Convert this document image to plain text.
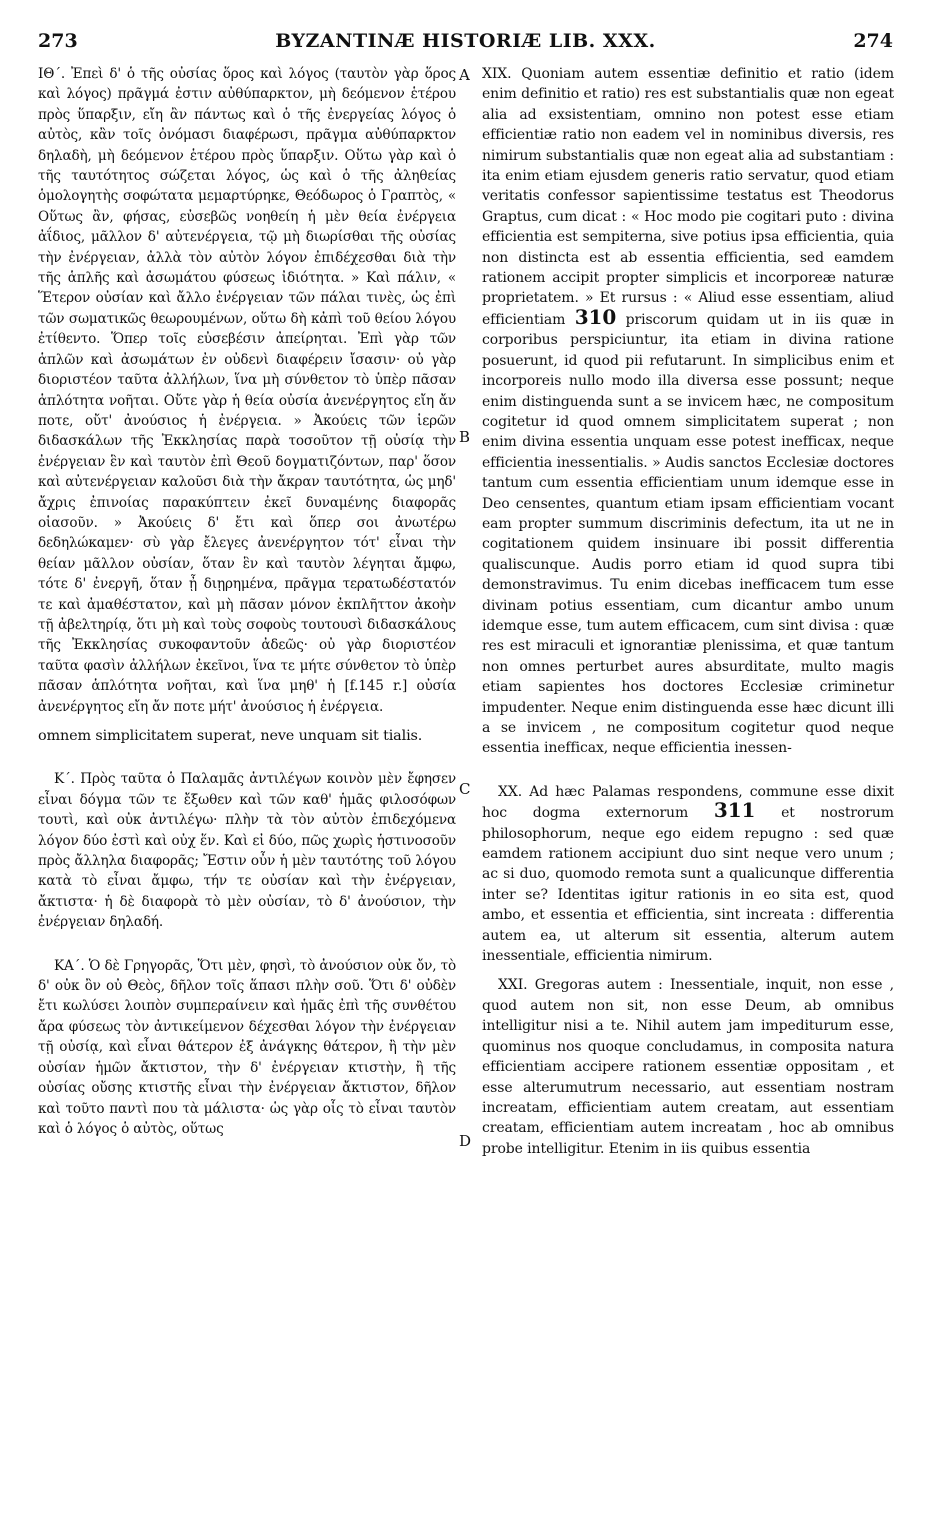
273	BYZANTINÆ HISTORIÆ LIB. XXX.	274

ΙΘ΄. Ἐπεὶ δ' ὁ τῆς οὐσίας ὅρος καὶ λόγος (ταυτὸν γὰρ ὅρος καὶ λόγος) πρᾶγμά ἐστιν αὐθύπαρκτον, μὴ δεόμενον ἑτέρου πρὸς ὕπαρξιν, εἴη ἂν πάντως καὶ ὁ τῆς ἐνεργείας λόγος ὁ αὐτὸς, κἂν τοῖς ὀνόμασι διαφέρωσι, πρᾶγμα αὐθύπαρκτον δηλαδὴ, μὴ δεόμενον ἑτέρου πρὸς ὕπαρξιν. Οὕτω γὰρ καὶ ὁ τῆς ταυτότητος σώζεται λόγος, ὡς καὶ ὁ τῆς ἀληθείας ὁμολογητὴς σοφώτατα μεμαρτύρηκε, Θεόδωρος ὁ Γραπτὸς, « Οὕτως ἂν, φήσας, εὐσεβῶς νοηθείη ἡ μὲν θεία ἐνέργεια ἀΐδιος, μᾶλλον δ' αὐτενέργεια, τῷ μὴ διωρίσθαι τῆς οὐσίας τὴν ἐνέργειαν, ἀλλὰ τὸν αὐτὸν λόγον ἐπιδέχεσθαι διὰ τὴν τῆς ἁπλῆς καὶ ἀσωμάτου φύσεως ἰδιότητα. » Καὶ πάλιν, « Ἕτερον οὐσίαν καὶ ἄλλο ἐνέργειαν τῶν πάλαι τινὲς, ὡς ἐπὶ τῶν σωματικῶς θεωρουμένων, οὕτω δὴ κἀπὶ τοῦ θείου λόγου ἐτίθεντο. Ὅπερ τοῖς εὐσεβέσιν ἀπείρηται. Ἐπὶ γὰρ τῶν ἁπλῶν καὶ ἀσωμάτων ἐν οὐδενὶ διαφέρειν ἴσασιν· οὐ γὰρ διοριστέον ταῦτα ἀλλήλων, ἵνα μὴ σύνθετον τὸ ὑπὲρ πᾶσαν ἁπλότητα νοῆται. Οὔτε γὰρ ἡ θεία οὐσία ἀνενέργητος εἴη ἄν ποτε, οὔτ' ἀνούσιος ἡ ἐνέργεια. » Ἀκούεις τῶν ἱερῶν διδασκάλων τῆς Ἐκκλησίας παρὰ τοσοῦτον τῇ οὐσίᾳ τὴν ἐνέργειαν ἓν καὶ ταυτὸν ἐπὶ Θεοῦ δογματιζόντων, παρ' ὅσον καὶ αὐτενέργειαν καλοῦσι διὰ τὴν ἄκραν ταυτότητα, ὡς μηδ' ἄχρις ἐπινοίας παρακύπτειν ἐκεῖ δυναμένης διαφορᾶς οἱασοῦν. » Ἀκούεις δ' ἔτι καὶ ὅπερ σοι ἀνωτέρω δεδηλώκαμεν· σὺ γὰρ ἔλεγες ἀνενέργητον τότ' εἶναι τὴν θείαν μᾶλλον οὐσίαν, ὅταν ἓν καὶ ταυτὸν λέγηται ἄμφω, τότε δ' ἐνεργῆ, ὅταν ᾖ διῃρημένα, πρᾶγμα τερατωδέστατόν τε καὶ ἀμαθέστατον, καὶ μὴ πᾶσαν μόνον ἐκπλῆττον ἀκοὴν τῇ ἀβελτηρίᾳ, ὅτι μὴ καὶ τοὺς σοφοὺς τουτουσὶ διδασκάλους τῆς Ἐκκλησίας συκοφαντοῦν ἀδεῶς· οὐ γὰρ διοριστέον ταῦτα φασὶν ἀλλήλων ἐκεῖνοι, ἵνα τε μήτε σύνθετον τὸ ὑπὲρ πᾶσαν ἁπλότητα νοῆται, καὶ ἵνα μηθ' ἡ [f.145 r.] οὐσία ἀνενέργητος εἴη ἄν ποτε μήτ' ἀνούσιος ἡ ἐνέργεια.

omnem simplicitatem superat, neve unquam sit tialis.

Κ΄. Πρὸς ταῦτα ὁ Παλαμᾶς ἀντιλέγων κοινὸν μὲν ἔφησεν εἶναι δόγμα τῶν τε ἔξωθεν καὶ τῶν καθ' ἡμᾶς φιλοσόφων τουτὶ, καὶ οὐκ ἀντιλέγω· πλὴν τὰ τὸν αὐτὸν ἐπιδεχόμενα λόγον δύο ἐστὶ καὶ οὐχ ἕν. Καὶ εἰ δύο, πῶς χωρὶς ἡστινοσοῦν πρὸς ἄλληλα διαφορᾶς; Ἔστιν οὖν ἡ μὲν ταυτότης τοῦ λόγου κατὰ τὸ εἶναι ἄμφω, τήν τε οὐσίαν καὶ τὴν ἐνέργειαν, ἄκτιστα· ἡ δὲ διαφορὰ τὸ μὲν οὐσίαν, τὸ δ' ἀνούσιον, τὴν ἐνέργειαν δηλαδή.

ΚΑ΄. Ὁ δὲ Γρηγορᾶς, Ὅτι μὲν, φησὶ, τὸ ἀνούσιον οὐκ ὄν, τὸ δ' οὐκ ὂν οὐ Θεὸς, δῆλον τοῖς ἅπασι πλὴν σοῦ. Ὅτι δ' οὐδὲν ἔτι κωλύσει λοιπὸν συμπεραίνειν καὶ ἡμᾶς ἐπὶ τῆς συνθέτου ἄρα φύσεως τὸν ἀντικείμενον δέχεσθαι λόγον τὴν ἐνέργειαν τῇ οὐσίᾳ, καὶ εἶναι θάτερον ἐξ ἀνάγκης θάτερον, ἢ τὴν μὲν οὐσίαν ἡμῶν ἄκτιστον, τὴν δ' ἐνέργειαν κτιστὴν, ἢ τῆς οὐσίας οὔσης κτιστῆς εἶναι τὴν ἐνέργειαν ἄκτιστον, δῆλον καὶ τοῦτο παντὶ που τὰ μάλιστα· ὡς γὰρ οἷς τὸ εἶναι ταυτὸν καὶ ὁ λόγος ὁ αὐτὸς, οὕτως

XIX. Quoniam autem essentiæ definitio et ratio (idem enim definitio et ratio) res est substantialis quæ non egeat alia ad exsistentiam, omnino non potest esse etiam efficientiæ ratio non eadem vel in nominibus diversis, res nimirum substantialis quæ non egeat alia ad substantiam : ita enim etiam ejusdem generis ratio servatur, quod etiam veritatis confessor sapientissime testatus est Theodorus Graptus, cum dicat : « Hoc modo pie cogitari puto : divina efficientia est sempiterna, sive potius ipsa efficientia, quia non distincta est ab essentia efficientia, sed eamdem rationem accipit propter simplicis et incorporeæ naturæ proprietatem. » Et rursus : « Aliud esse essentiam, aliud efficientiam 310 priscorum quidam ut in iis quæ in corporibus perspiciuntur, ita etiam in divina ratione posuerunt, id quod pii refutarunt. In simplicibus enim et incorporeis nullo modo illa diversa esse possunt; neque enim distinguenda sunt a se invicem hæc, ne compositum cogitetur id quod omnem simplicitatem superat ; non enim divina essentia unquam esse potest inefficax, neque efficientia inessentialis. » Audis sanctos Ecclesiæ doctores tantum cum essentia efficientiam unum idemque esse in Deo censentes, quantum etiam ipsam efficientiam vocant eam propter summum discriminis defectum, ita ut ne in cogitationem quidem insinuare ibi possit differentia qualiscunque. Audis porro etiam id quod supra tibi demonstravimus. Tu enim dicebas inefficacem tum esse divinam potius essentiam, cum dicantur ambo unum idemque esse, tum autem efficacem, cum sint divisa : quæ res est miraculi et ignorantiæ plenissima, et quæ tantum non omnes perturbet aures absurditate, multo magis etiam sapientes hos doctores Ecclesiæ criminetur impudenter. Neque enim distinguenda esse hæc dicunt illi a se invicem , ne compositum cogitetur quod neque essentia inefficax, neque efficientia inessen-

XX. Ad hæc Palamas respondens, commune esse dixit hoc dogma externorum 311 et nostrorum philosophorum, neque ego eidem repugno : sed quæ eamdem rationem accipiunt duo sint neque vero unum ; ac si duo, quomodo remota sunt a qualicunque differentia inter se? Identitas igitur rationis in eo sita est, quod ambo, et essentia et efficientia, sint increata : differentia autem ea, ut alterum sit essentia, alterum autem inessentiale, efficientia nimirum.

XXI. Gregoras autem : Inessentiale, inquit, non esse , quod autem non sit, non esse Deum, ab omnibus intelligitur nisi a te. Nihil autem jam impediturum esse, quominus nos quoque concludamus, in composita natura efficientiam accipere rationem essentiæ oppositam , et esse alterumutrum necessario, aut essentiam nostram increatam, efficientiam autem creatam, aut essentiam creatam, efficientiam autem increatam , hoc ab omnibus probe intelligitur. Etenim in iis quibus essentia

A
B
C
D
